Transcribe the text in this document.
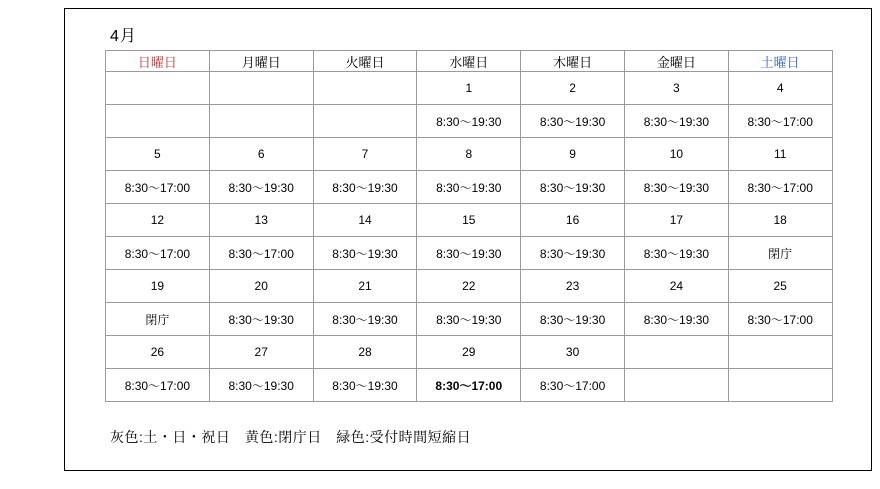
4月
日曜日	月曜日	火曜日	水曜日	木曜日	金曜日	土曜日
			1	2	3	4
			8:30〜19:30	8:30〜19:30	8:30〜19:30	8:30〜17:00
5	6	7	8	9	10	11
8:30〜17:00	8:30〜19:30	8:30〜19:30	8:30〜19:30	8:30〜19:30	8:30〜19:30	8:30〜17:00
12	13	14	15	16	17	18
8:30〜17:00	8:30〜17:00	8:30〜19:30	8:30〜19:30	8:30〜19:30	8:30〜19:30	閉庁
19	20	21	22	23	24	25
閉庁	8:30〜19:30	8:30〜19:30	8:30〜19:30	8:30〜19:30	8:30〜19:30	8:30〜17:00
26	27	28	29	30		
8:30〜17:00	8:30〜19:30	8:30〜19:30	8:30〜17:00	8:30〜17:00		
灰色:土・日・祝日　黄色:閉庁日　緑色:受付時間短縮日
